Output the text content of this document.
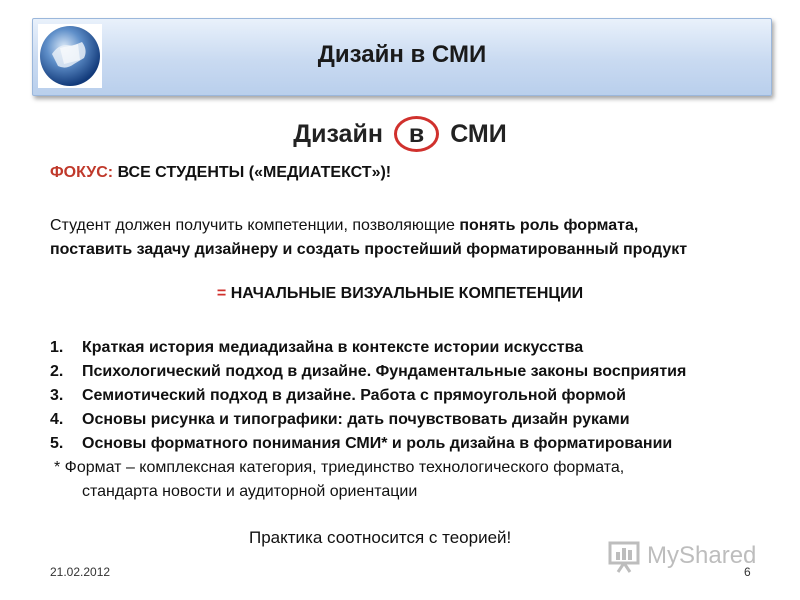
Дизайн в СМИ
Дизайн в СМИ
ФОКУС: ВСЕ СТУДЕНТЫ («МЕДИАТЕКСТ»)!
Студент должен получить компетенции, позволяющие понять роль формата,
поставить задачу дизайнеру и создать простейший форматированный продукт
= НАЧАЛЬНЫЕ ВИЗУАЛЬНЫЕ КОМПЕТЕНЦИИ
1.	Краткая история медиадизайна в контексте истории искусства
2.	Психологический подход в дизайне. Фундаментальные законы восприятия
3.	Семиотический подход в дизайне. Работа с прямоугольной формой
4.	Основы рисунка и типографики: дать почувствовать дизайн руками
5.	Основы форматного понимания СМИ* и роль дизайна в форматировании
* Формат – комплексная категория, триединство технологического формата,
стандарта новости и аудиторной ориентации
Практика соотносится с теорией!
21.02.2012	6
MyShared
